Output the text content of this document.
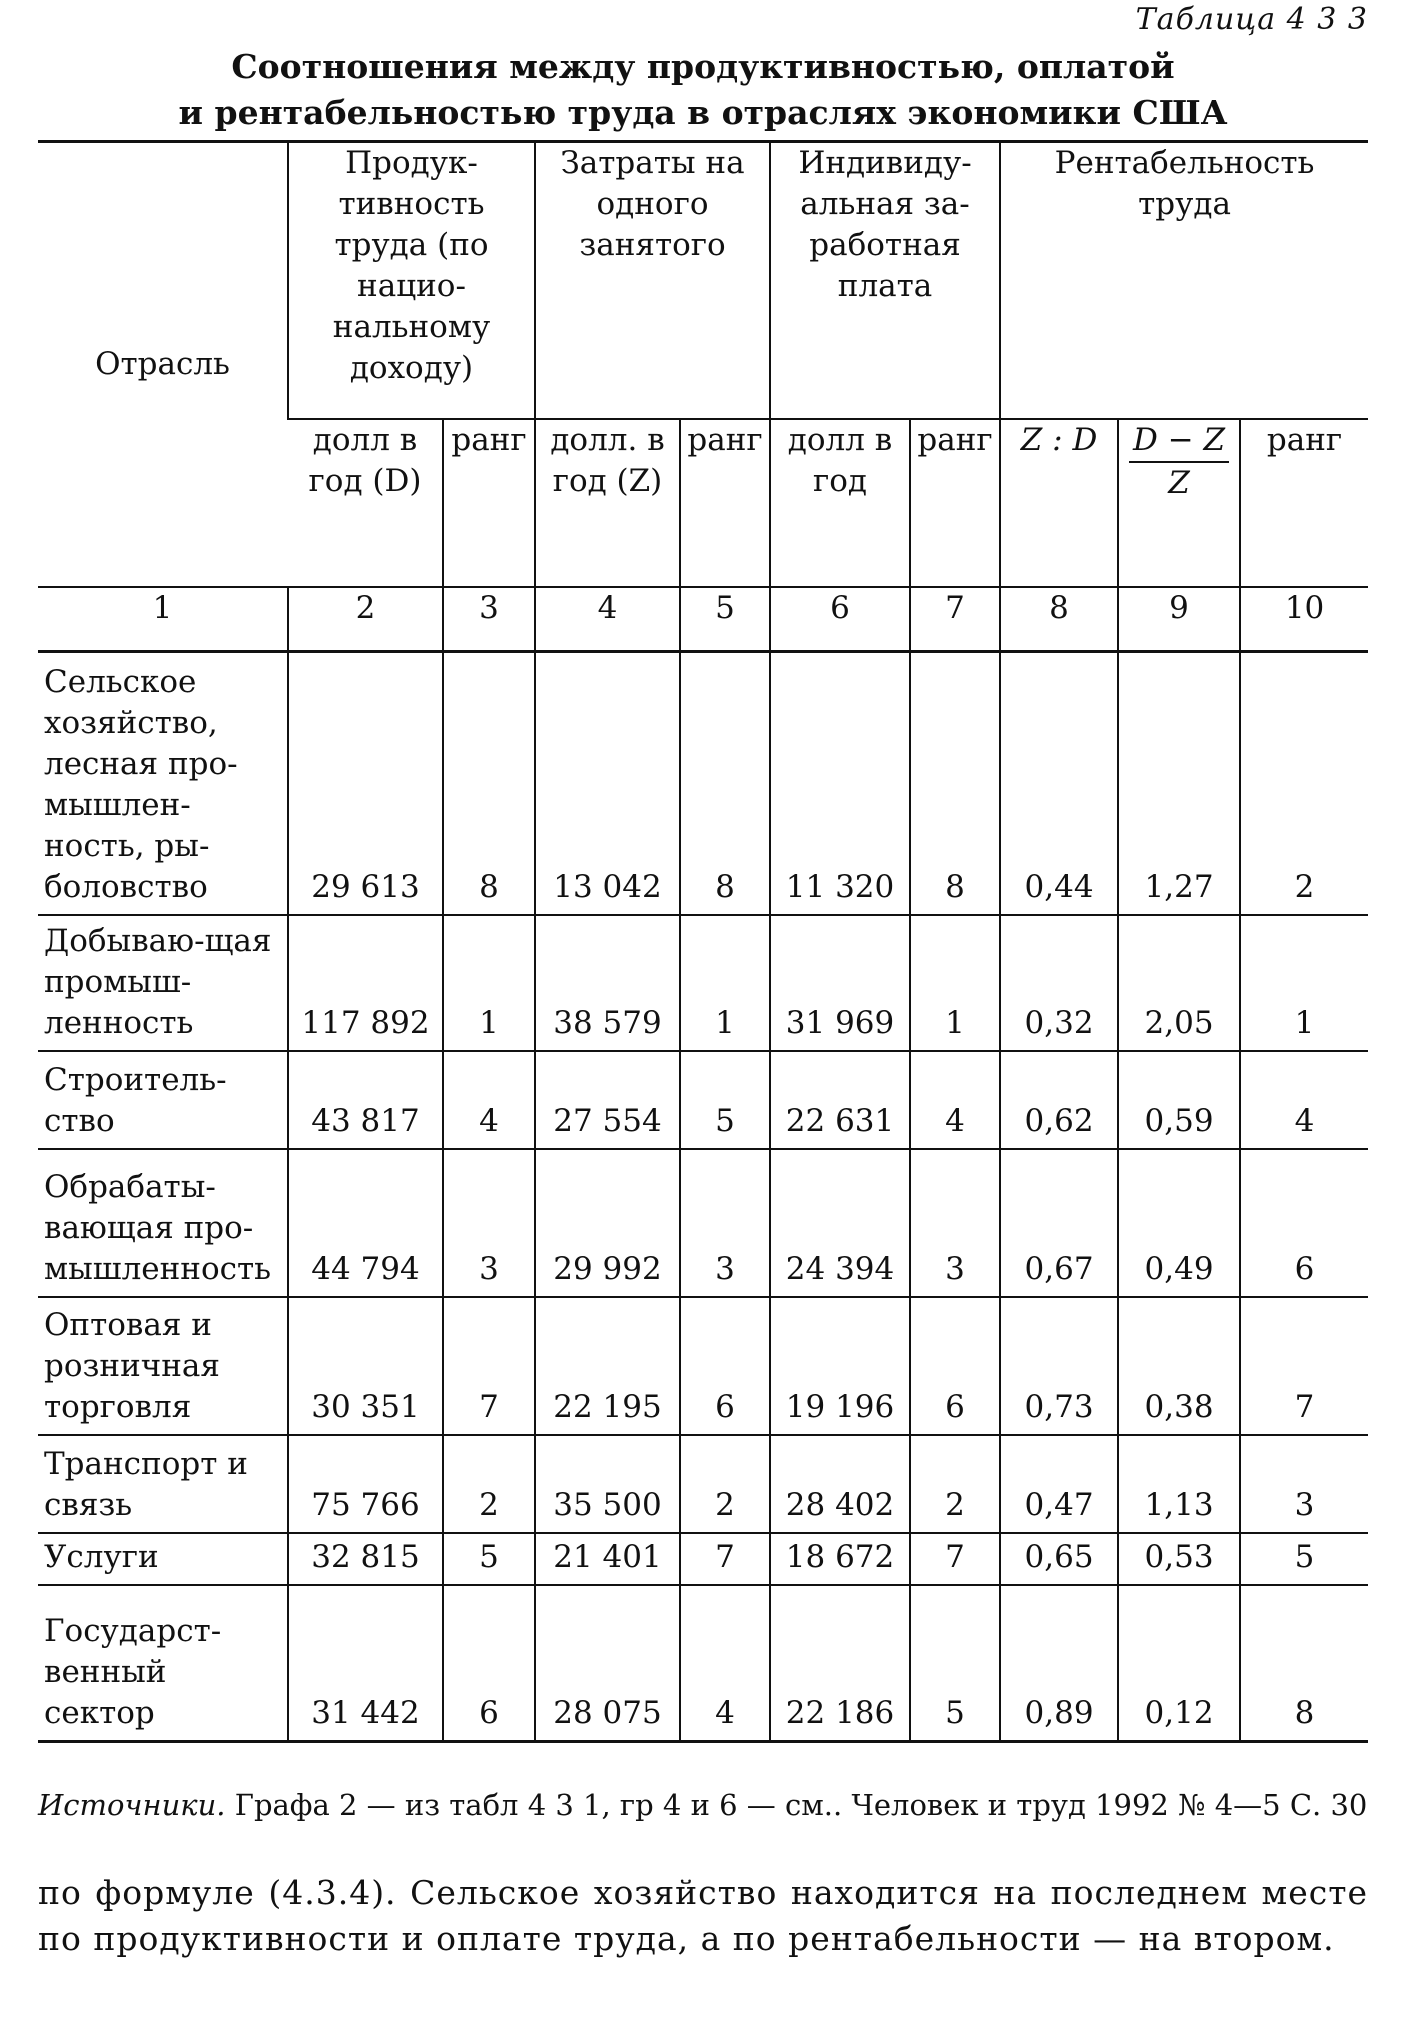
Таблица 4 3 3
Соотношения между продуктивностью, оплатой
и рентабельностью труда в отраслях экономики США
Отрасль	Продук-тивность труда (по нацио-нальному доходу)		Затраты на одного занятого		Индивиду-альная за-работная плата		Рентабельность труда		
	долл в год (D)	ранг	долл. в год (Z)	ранг	долл в год	ранг	Z : D	$\frac{D - Z}{Z}$	ранг
1	2	3	4	5	6	7	8	9	10
Сельское хозяйство, лесная про-мышлен-ность, ры-боловство	29 613	8	13 042	8	11 320	8	0,44	1,27	2
Добываю-щая промыш-ленность	117 892	1	38 579	1	31 969	1	0,32	2,05	1
Строитель-ство	43 817	4	27 554	5	22 631	4	0,62	0,59	4
Обрабаты-вающая про-мышленность	44 794	3	29 992	3	24 394	3	0,67	0,49	6
Оптовая и розничная торговля	30 351	7	22 195	6	19 196	6	0,73	0,38	7
Транспорт и связь	75 766	2	35 500	2	28 402	2	0,47	1,13	3
Услуги	32 815	5	21 401	7	18 672	7	0,65	0,53	5
Государст-венный сектор	31 442	6	28 075	4	22 186	5	0,89	0,12	8
Источники. Графа 2 — из табл 4 3 1, гр 4 и 6 — см.. Человек и труд 1992 № 4—5 С. 30
по формуле (4.3.4). Сельское хозяйство находится на последнем месте по продуктивности и оплате труда, а по рентабельности — на втором.
